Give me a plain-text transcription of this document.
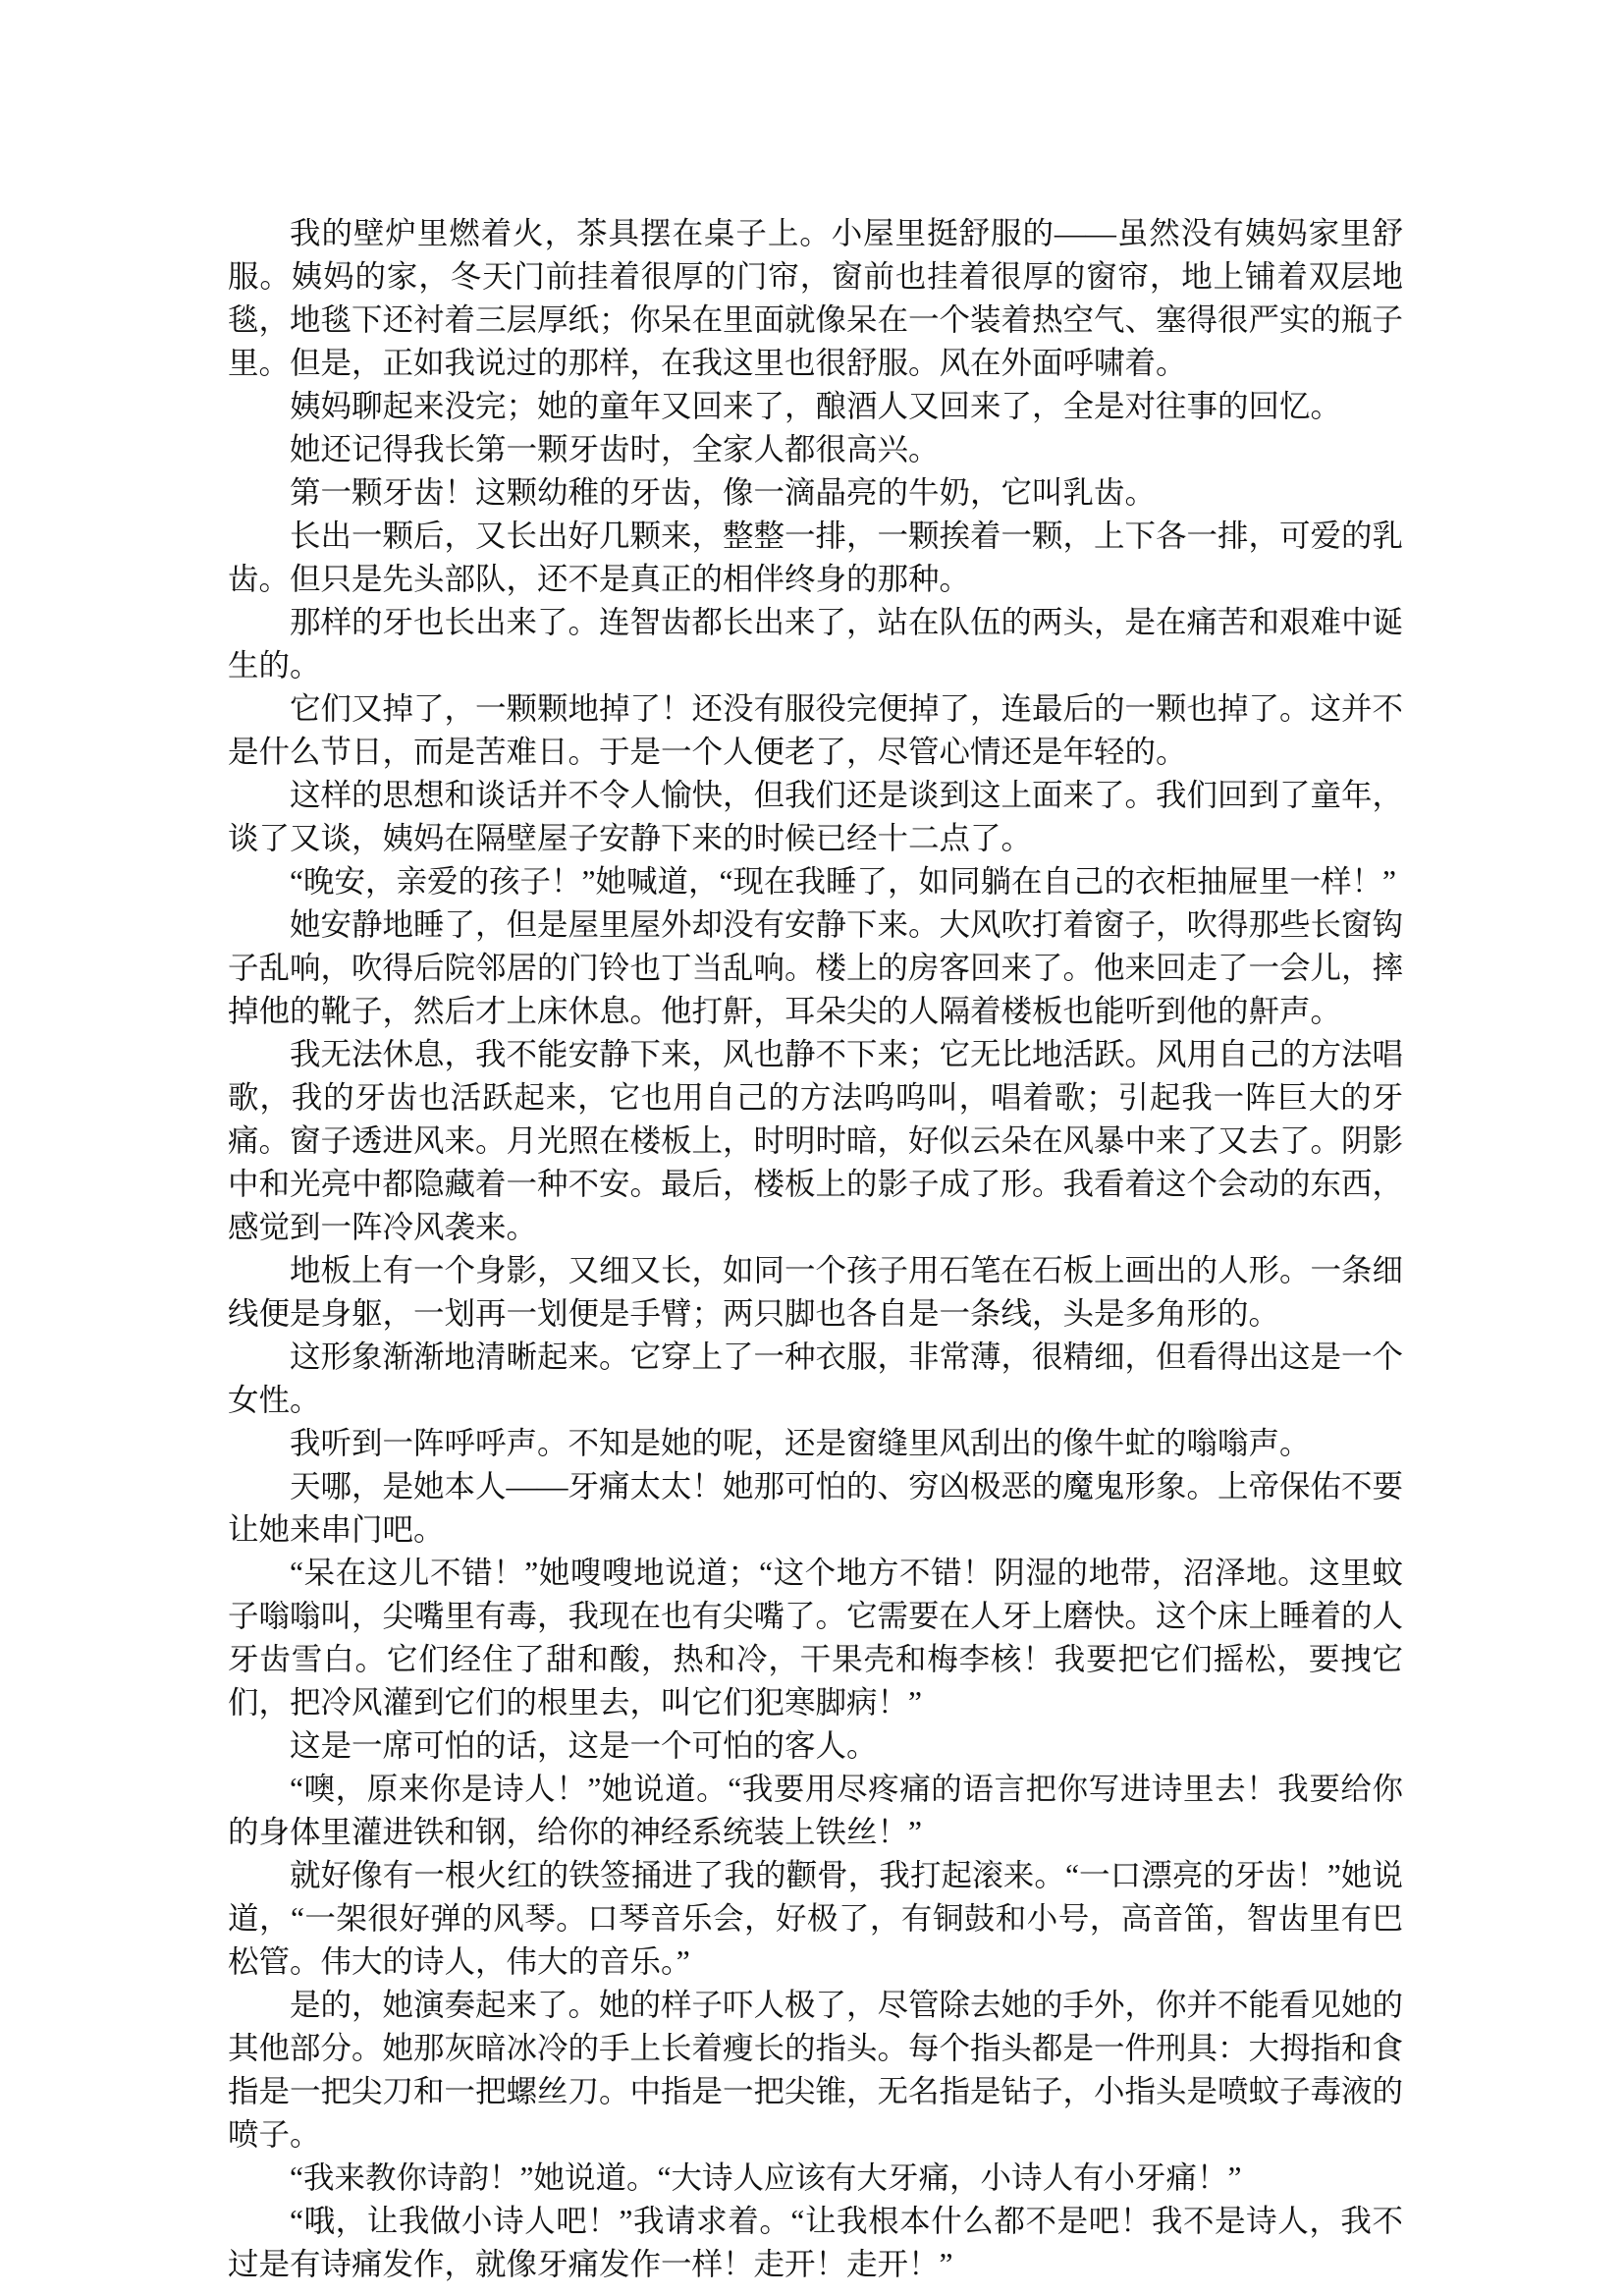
我的壁炉里燃着火，茶具摆在桌子上。小屋里挺舒服的——虽然没有姨妈家里舒服。姨妈的家，冬天门前挂着很厚的门帘，窗前也挂着很厚的窗帘，地上铺着双层地毯，地毯下还衬着三层厚纸；你呆在里面就像呆在一个装着热空气、塞得很严实的瓶子里。但是，正如我说过的那样，在我这里也很舒服。风在外面呼啸着。

姨妈聊起来没完；她的童年又回来了，酿酒人又回来了，全是对往事的回忆。

她还记得我长第一颗牙齿时，全家人都很高兴。

第一颗牙齿！这颗幼稚的牙齿，像一滴晶亮的牛奶，它叫乳齿。

长出一颗后，又长出好几颗来，整整一排，一颗挨着一颗，上下各一排，可爱的乳齿。但只是先头部队，还不是真正的相伴终身的那种。

那样的牙也长出来了。连智齿都长出来了，站在队伍的两头，是在痛苦和艰难中诞生的。

它们又掉了，一颗颗地掉了！还没有服役完便掉了，连最后的一颗也掉了。这并不是什么节日，而是苦难日。于是一个人便老了，尽管心情还是年轻的。

这样的思想和谈话并不令人愉快，但我们还是谈到这上面来了。我们回到了童年，谈了又谈，姨妈在隔壁屋子安静下来的时候已经十二点了。

“晚安，亲爱的孩子！”她喊道，“现在我睡了，如同躺在自己的衣柜抽屉里一样！”

她安静地睡了，但是屋里屋外却没有安静下来。大风吹打着窗子，吹得那些长窗钩子乱响，吹得后院邻居的门铃也丁当乱响。楼上的房客回来了。他来回走了一会儿，摔掉他的靴子，然后才上床休息。他打鼾，耳朵尖的人隔着楼板也能听到他的鼾声。

我无法休息，我不能安静下来，风也静不下来；它无比地活跃。风用自己的方法唱歌，我的牙齿也活跃起来，它也用自己的方法呜呜叫，唱着歌；引起我一阵巨大的牙痛。窗子透进风来。月光照在楼板上，时明时暗，好似云朵在风暴中来了又去了。阴影中和光亮中都隐藏着一种不安。最后，楼板上的影子成了形。我看着这个会动的东西，感觉到一阵冷风袭来。

地板上有一个身影，又细又长，如同一个孩子用石笔在石板上画出的人形。一条细线便是身躯，一划再一划便是手臂；两只脚也各自是一条线，头是多角形的。

这形象渐渐地清晰起来。它穿上了一种衣服，非常薄，很精细，但看得出这是一个女性。

我听到一阵呼呼声。不知是她的呢，还是窗缝里风刮出的像牛虻的嗡嗡声。

天哪，是她本人——牙痛太太！她那可怕的、穷凶极恶的魔鬼形象。上帝保佑不要让她来串门吧。

“呆在这儿不错！”她嗖嗖地说道；“这个地方不错！阴湿的地带，沼泽地。这里蚊子嗡嗡叫，尖嘴里有毒，我现在也有尖嘴了。它需要在人牙上磨快。这个床上睡着的人牙齿雪白。它们经住了甜和酸，热和冷，干果壳和梅李核！我要把它们摇松，要拽它们，把冷风灌到它们的根里去，叫它们犯寒脚病！”

这是一席可怕的话，这是一个可怕的客人。

“噢，原来你是诗人！”她说道。“我要用尽疼痛的语言把你写进诗里去！我要给你的身体里灌进铁和钢，给你的神经系统装上铁丝！”

就好像有一根火红的铁签捅进了我的颧骨，我打起滚来。“一口漂亮的牙齿！”她说道，“一架很好弹的风琴。口琴音乐会，好极了，有铜鼓和小号，高音笛，智齿里有巴松管。伟大的诗人，伟大的音乐。”

是的，她演奏起来了。她的样子吓人极了，尽管除去她的手外，你并不能看见她的其他部分。她那灰暗冰冷的手上长着瘦长的指头。每个指头都是一件刑具：大拇指和食指是一把尖刀和一把螺丝刀。中指是一把尖锥，无名指是钻子，小指头是喷蚊子毒液的喷子。

“我来教你诗韵！”她说道。“大诗人应该有大牙痛，小诗人有小牙痛！”

“哦，让我做小诗人吧！”我请求着。“让我根本什么都不是吧！我不是诗人，我不过是有诗痛发作，就像牙痛发作一样！走开！走开！”
